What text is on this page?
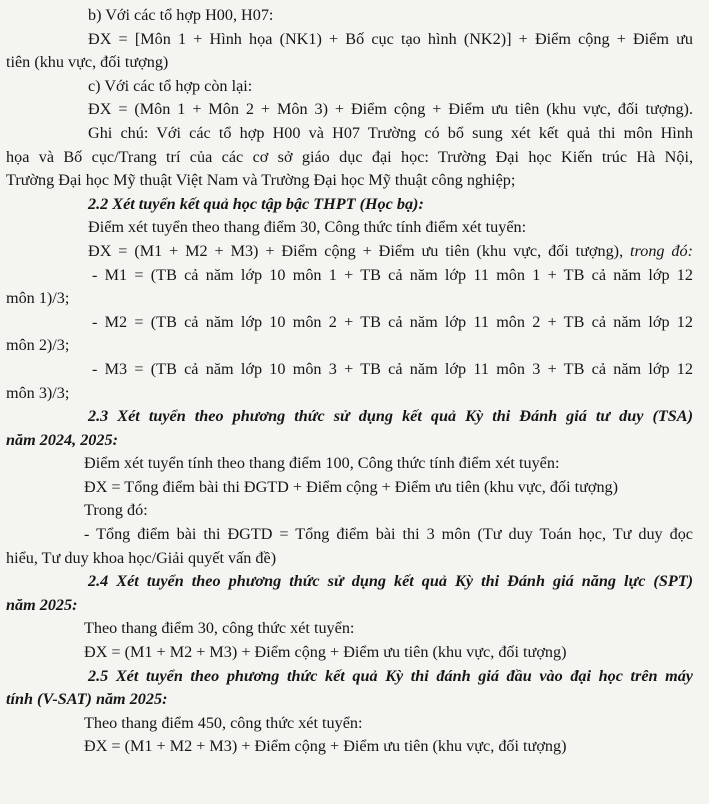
b) Với các tổ hợp H00, H07:
ĐX = [Môn 1 + Hình họa (NK1) + Bố cục tạo hình (NK2)] + Điểm cộng + Điểm ưu
tiên (khu vực, đối tượng)
c) Với các tổ hợp còn lại:
ĐX = (Môn 1 + Môn 2 + Môn 3) + Điểm cộng + Điểm ưu tiên (khu vực, đối tượng).
Ghi chú: Với các tổ hợp H00 và H07 Trường có bổ sung xét kết quả thi môn Hình
họa và Bố cục/Trang trí của các cơ sở giáo dục đại học: Trường Đại học Kiến trúc Hà Nội,
Trường Đại học Mỹ thuật Việt Nam và Trường Đại học Mỹ thuật công nghiệp;
2.2 Xét tuyển kết quả học tập bậc THPT (Học bạ):
Điểm xét tuyển theo thang điểm 30, Công thức tính điểm xét tuyển:
ĐX = (M1 + M2 + M3) + Điểm cộng + Điểm ưu tiên (khu vực, đối tượng), trong đó:
- M1 = (TB cả năm lớp 10 môn 1 + TB cả năm lớp 11 môn 1 + TB cả năm lớp 12
môn 1)/3;
- M2 = (TB cả năm lớp 10 môn 2 + TB cả năm lớp 11 môn 2 + TB cả năm lớp 12
môn 2)/3;
- M3 = (TB cả năm lớp 10 môn 3 + TB cả năm lớp 11 môn 3 + TB cả năm lớp 12
môn 3)/3;
2.3 Xét tuyển theo phương thức sử dụng kết quả Kỳ thi Đánh giá tư duy (TSA)
năm 2024, 2025:
Điểm xét tuyển tính theo thang điểm 100, Công thức tính điểm xét tuyển:
ĐX = Tổng điểm bài thi ĐGTD + Điểm cộng + Điểm ưu tiên (khu vực, đối tượng)
Trong đó:
- Tổng điểm bài thi ĐGTD = Tổng điểm bài thi 3 môn (Tư duy Toán học, Tư duy đọc
hiểu, Tư duy khoa học/Giải quyết vấn đề)
2.4 Xét tuyển theo phương thức sử dụng kết quả Kỳ thi Đánh giá năng lực (SPT)
năm 2025:
Theo thang điểm 30, công thức xét tuyển:
ĐX = (M1 + M2 + M3) + Điểm cộng + Điểm ưu tiên (khu vực, đối tượng)
2.5 Xét tuyển theo phương thức kết quả Kỳ thi đánh giá đầu vào đại học trên máy
tính (V-SAT) năm 2025:
Theo thang điểm 450, công thức xét tuyển:
ĐX = (M1 + M2 + M3) + Điểm cộng + Điểm ưu tiên (khu vực, đối tượng)
